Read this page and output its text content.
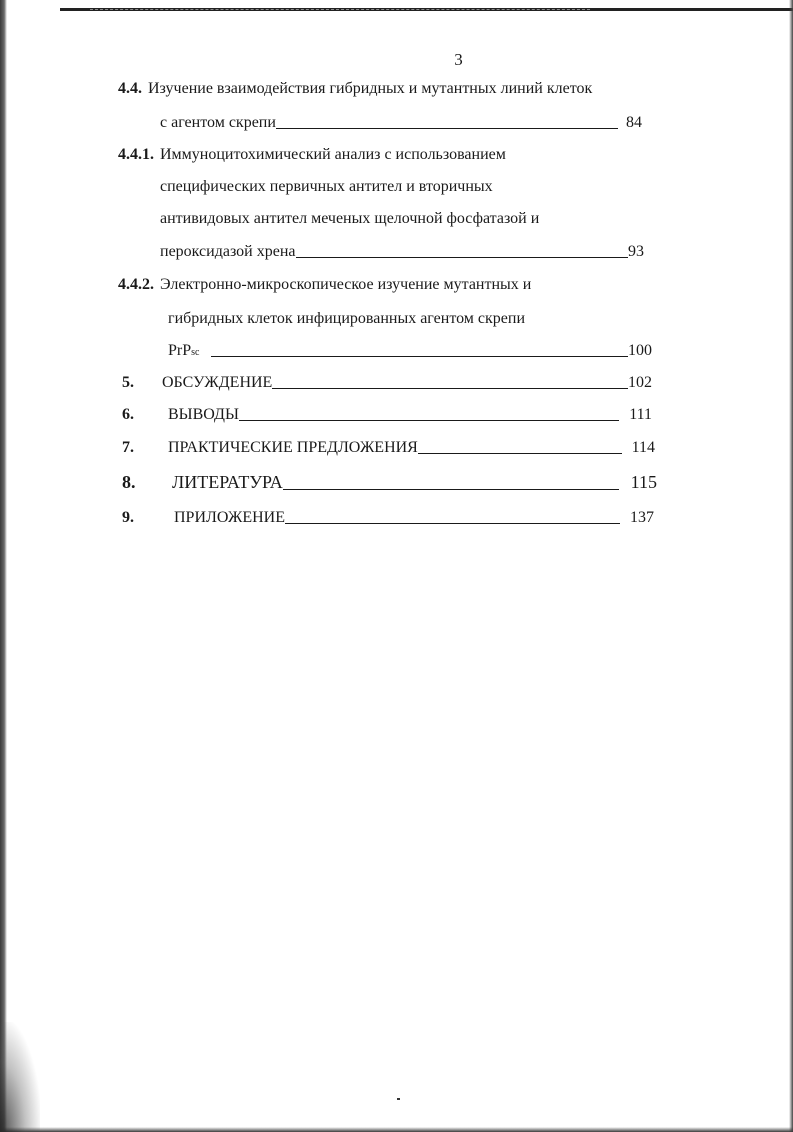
3
4.4. Изучение взаимодействия гибридных и мутантных линий клеток
с агентом скрепи	84
4.4.1. Иммуноцитохимический анализ с использованием
специфических первичных антител и вторичных
антивидовых антител меченых щелочной фосфатазой и
пероксидазой хрена	93
4.4.2. Электронно-микроскопическое изучение мутантных и
гибридных клеток инфицированных агентом скрепи
PrP sc	100
5.	ОБСУЖДЕНИЕ	102
6.	ВЫВОДЫ	111
7.	ПРАКТИЧЕСКИЕ ПРЕДЛОЖЕНИЯ	114
8.	ЛИТЕРАТУРА	115
9.	ПРИЛОЖЕНИЕ	137
